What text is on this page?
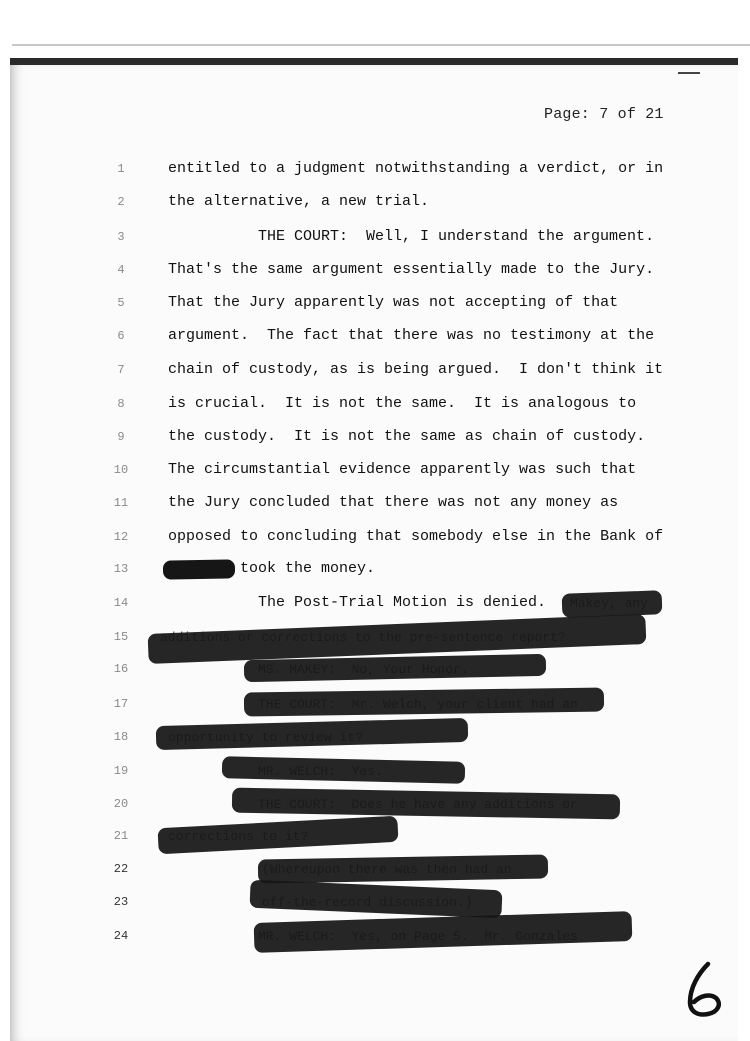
Page: 7 of 21
1	entitled to a judgment notwithstanding a verdict, or in
2	the alternative, a new trial.
3	THE COURT:  Well, I understand the argument.
4	That's the same argument essentially made to the Jury.
5	That the Jury apparently was not accepting of that
6	argument.  The fact that there was no testimony at the
7	chain of custody, as is being argued.  I don't think it
8	is crucial.  It is not the same.  It is analogous to
9	the custody.  It is not the same as chain of custody.
10	The circumstantial evidence apparently was such that
11	the Jury concluded that there was not any money as
12	opposed to concluding that somebody else in the Bank of
13	took the money.
14	The Post-Trial Motion is denied.
15
16
17
18
19
20
21
22
23
24
